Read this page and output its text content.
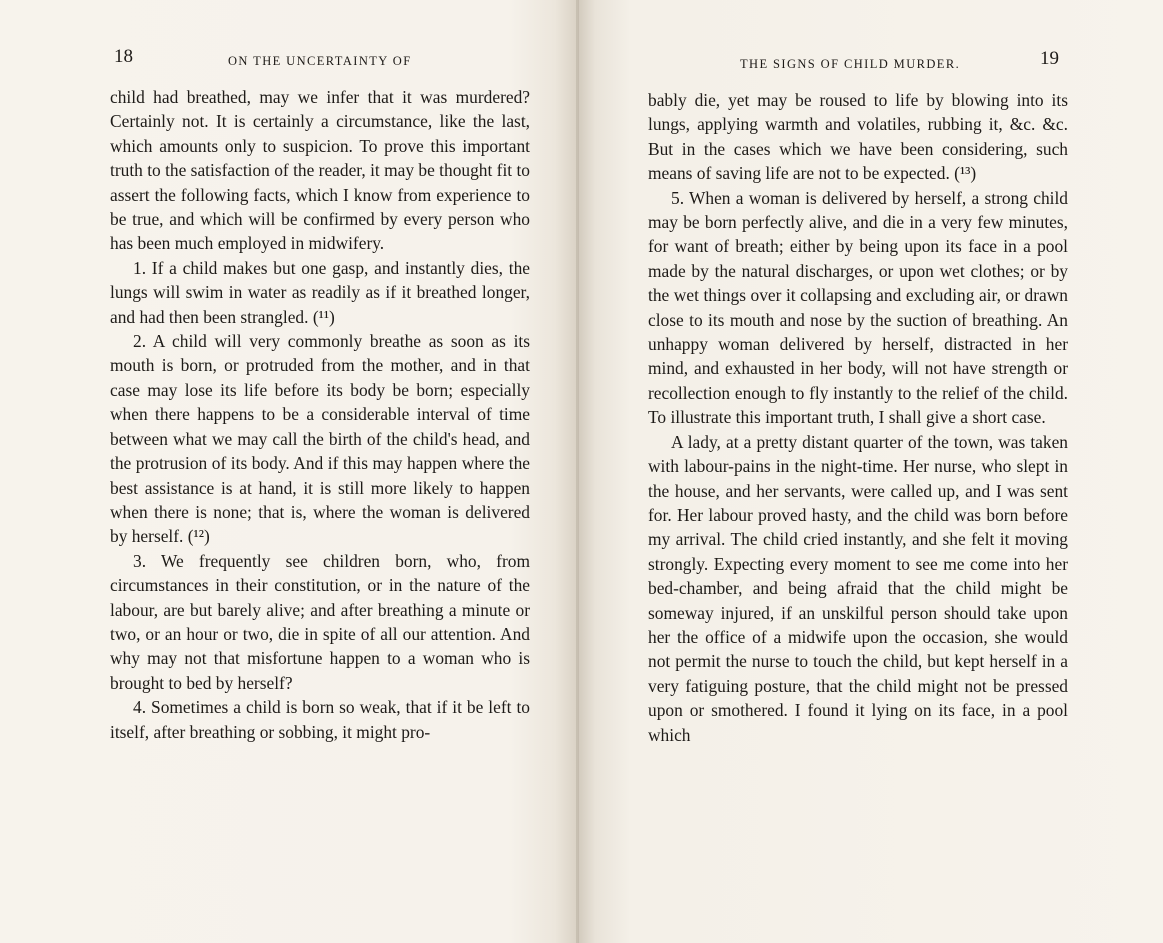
18	ON THE UNCERTAINTY OF

child had breathed, may we infer that it was murdered? Certainly not. It is certainly a circumstance, like the last, which amounts only to suspicion. To prove this important truth to the satisfaction of the reader, it may be thought fit to assert the following facts, which I know from experience to be true, and which will be confirmed by every person who has been much employed in midwifery.

1. If a child makes but one gasp, and instantly dies, the lungs will swim in water as readily as if it breathed longer, and had then been strangled. (¹¹)

2. A child will very commonly breathe as soon as its mouth is born, or protruded from the mother, and in that case may lose its life before its body be born; especially when there happens to be a considerable interval of time between what we may call the birth of the child's head, and the protrusion of its body. And if this may happen where the best assistance is at hand, it is still more likely to happen when there is none; that is, where the woman is delivered by herself. (¹²)

3. We frequently see children born, who, from circumstances in their constitution, or in the nature of the labour, are but barely alive; and after breathing a minute or two, or an hour or two, die in spite of all our attention. And why may not that misfortune happen to a woman who is brought to bed by herself?

4. Sometimes a child is born so weak, that if it be left to itself, after breathing or sobbing, it might pro-

THE SIGNS OF CHILD MURDER.	19

bably die, yet may be roused to life by blowing into its lungs, applying warmth and volatiles, rubbing it, &c. &c. But in the cases which we have been considering, such means of saving life are not to be expected. (¹³)

5. When a woman is delivered by herself, a strong child may be born perfectly alive, and die in a very few minutes, for want of breath; either by being upon its face in a pool made by the natural discharges, or upon wet clothes; or by the wet things over it collapsing and excluding air, or drawn close to its mouth and nose by the suction of breathing. An unhappy woman delivered by herself, distracted in her mind, and exhausted in her body, will not have strength or recollection enough to fly instantly to the relief of the child. To illustrate this important truth, I shall give a short case.

A lady, at a pretty distant quarter of the town, was taken with labour-pains in the night-time. Her nurse, who slept in the house, and her servants, were called up, and I was sent for. Her labour proved hasty, and the child was born before my arrival. The child cried instantly, and she felt it moving strongly. Expecting every moment to see me come into her bed-chamber, and being afraid that the child might be someway injured, if an unskilful person should take upon her the office of a midwife upon the occasion, she would not permit the nurse to touch the child, but kept herself in a very fatiguing posture, that the child might not be pressed upon or smothered. I found it lying on its face, in a pool which
